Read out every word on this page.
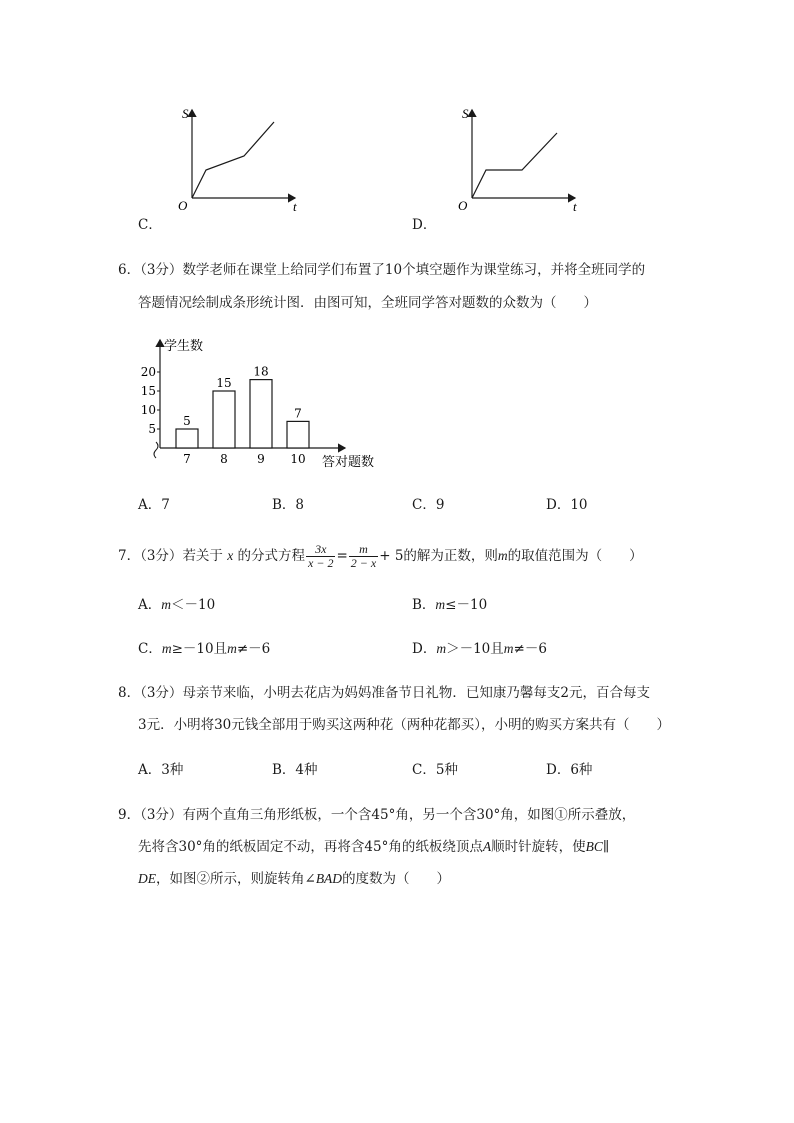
S
t
O
C．
S
t
O
D．
6．（3分）数学老师在课堂上给同学们布置了10个填空题作为课堂练习，并将全班同学的
答题情况绘制成条形统计图．由图可知，全班同学答对题数的众数为（　　）
学生数
答对题数
5
7
15
8
18
9
7
10
5
10
15
20
A．7	B．8	C．9	D．10
7．（3分）若关于 x 的分式方程 $\frac{3x}{x - 2} = \frac{m}{2 - x} + 5$的解为正数，则m的取值范围为（　　）
A．m＜－10	B．m≤－10
C．m≥－10且m≠－6	D．m＞－10且m≠－6
8．（3分）母亲节来临，小明去花店为妈妈准备节日礼物．已知康乃馨每支2元，百合每支
3元．小明将30元钱全部用于购买这两种花（两种花都买），小明的购买方案共有（　　）
A．3种	B．4种	C．5种	D．6种
9．（3分）有两个直角三角形纸板，一个含45°角，另一个含30°角，如图①所示叠放，
先将含30°角的纸板固定不动，再将含45°角的纸板绕顶点A顺时针旋转，使BC∥
DE，如图②所示，则旋转角∠BAD的度数为（　　）
